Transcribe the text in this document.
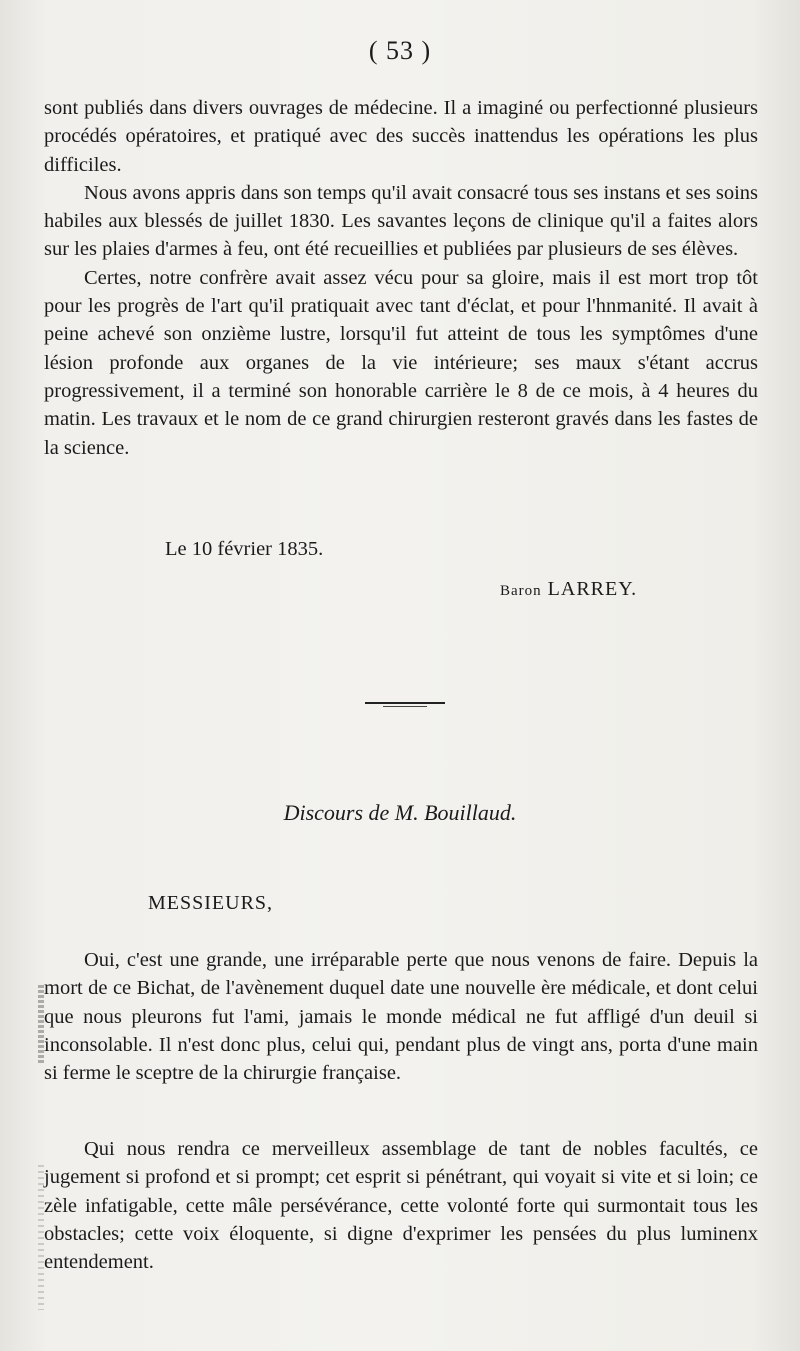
( 53 )

sont publiés dans divers ouvrages de médecine. Il a imaginé ou perfectionné plusieurs procédés opératoires, et pratiqué avec des succès inattendus les opérations les plus difficiles.

Nous avons appris dans son temps qu'il avait consacré tous ses instans et ses soins habiles aux blessés de juillet 1830. Les savantes leçons de clinique qu'il a faites alors sur les plaies d'armes à feu, ont été recueillies et publiées par plusieurs de ses élèves.

Certes, notre confrère avait assez vécu pour sa gloire, mais il est mort trop tôt pour les progrès de l'art qu'il pratiquait avec tant d'éclat, et pour l'hnmanité. Il avait à peine achevé son onzième lustre, lorsqu'il fut atteint de tous les symptômes d'une lésion profonde aux organes de la vie intérieure; ses maux s'étant accrus progressivement, il a terminé son honorable carrière le 8 de ce mois, à 4 heures du matin. Les travaux et le nom de ce grand chirurgien resteront gravés dans les fastes de la science.

Le 10 février 1835.
Baron LARREY.
Discours de M. Bouillaud.
MESSIEURS,

Oui, c'est une grande, une irréparable perte que nous venons de faire. Depuis la mort de ce Bichat, de l'avènement duquel date une nouvelle ère médicale, et dont celui que nous pleurons fut l'ami, jamais le monde médical ne fut affligé d'un deuil si inconsolable. Il n'est donc plus, celui qui, pendant plus de vingt ans, porta d'une main si ferme le sceptre de la chirurgie française.

Qui nous rendra ce merveilleux assemblage de tant de nobles facultés, ce jugement si profond et si prompt; cet esprit si pénétrant, qui voyait si vite et si loin; ce zèle infatigable, cette mâle persévérance, cette volonté forte qui surmontait tous les obstacles; cette voix éloquente, si digne d'exprimer les pensées du plus luminenx entendement.
